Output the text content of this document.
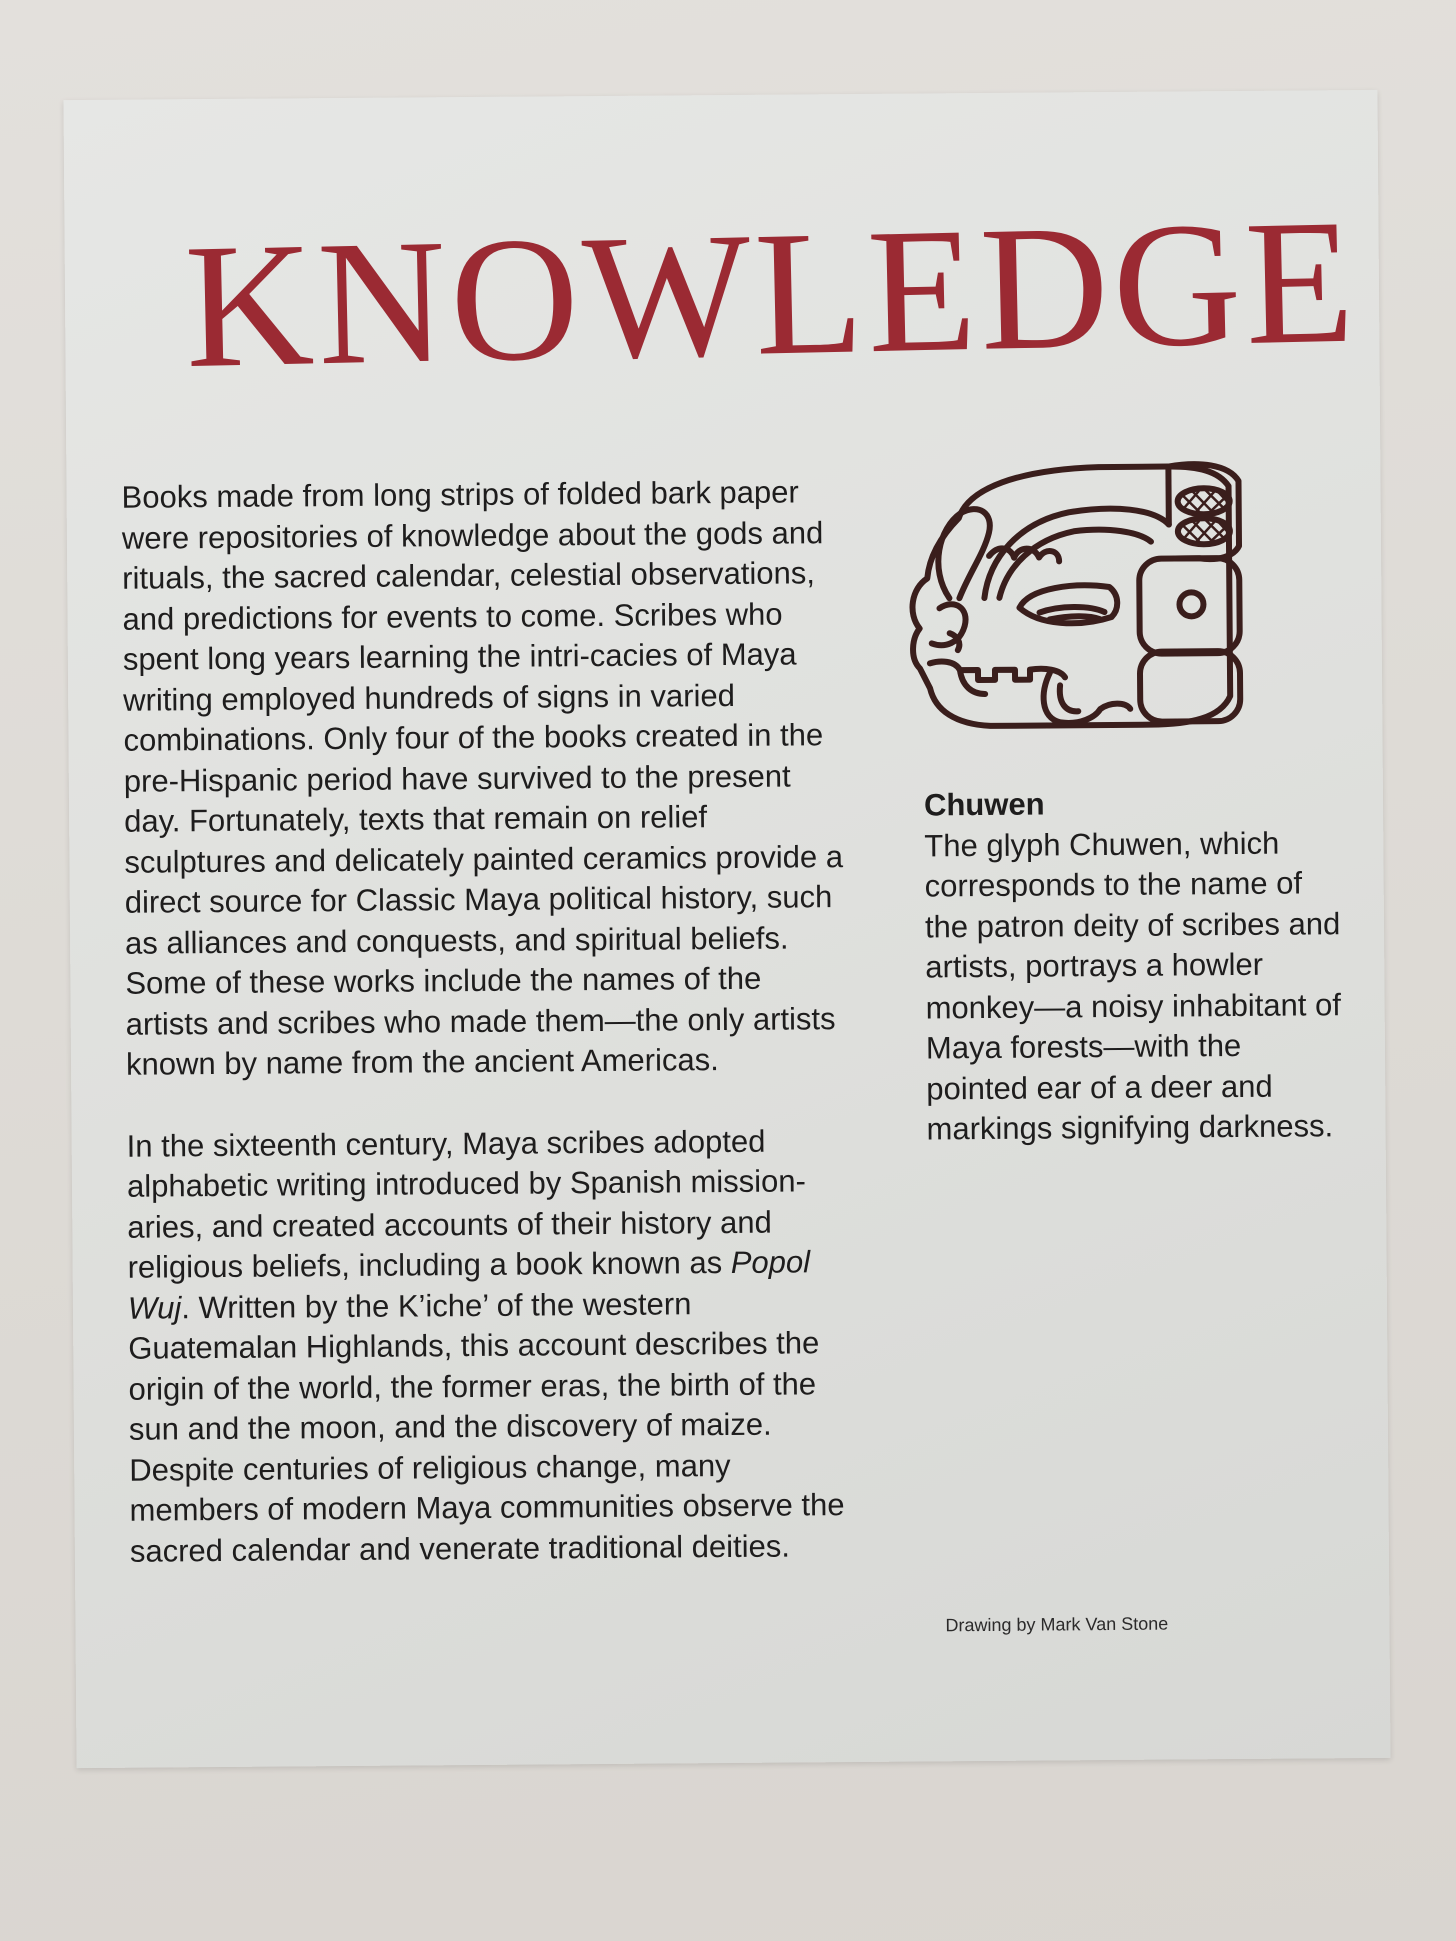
KNOWLEDGE

Books made from long strips of folded bark paper were repositories of knowledge about the gods and rituals, the sacred calendar, celestial observations, and predictions for events to come. Scribes who spent long years learning the intri-cacies of Maya writing employed hundreds of signs in varied combinations. Only four of the books created in the pre-Hispanic period have survived to the present day. Fortunately, texts that remain on relief sculptures and delicately painted ceramics provide a direct source for Classic Maya political history, such as alliances and conquests, and spiritual beliefs. Some of these works include the names of the artists and scribes who made them—the only artists known by name from the ancient Americas.

In the sixteenth century, Maya scribes adopted alphabetic writing introduced by Spanish mission-aries, and created accounts of their history and religious beliefs, including a book known as Popol Wuj. Written by the K’iche’ of the western Guatemalan Highlands, this account describes the origin of the world, the former eras, the birth of the sun and the moon, and the discovery of maize. Despite centuries of religious change, many members of modern Maya communities observe the sacred calendar and venerate traditional deities.

Chuwen

The glyph Chuwen, which corresponds to the name of the patron deity of scribes and artists, portrays a howler monkey—a noisy inhabitant of Maya forests—with the pointed ear of a deer and markings signifying darkness.

Drawing by Mark Van Stone
